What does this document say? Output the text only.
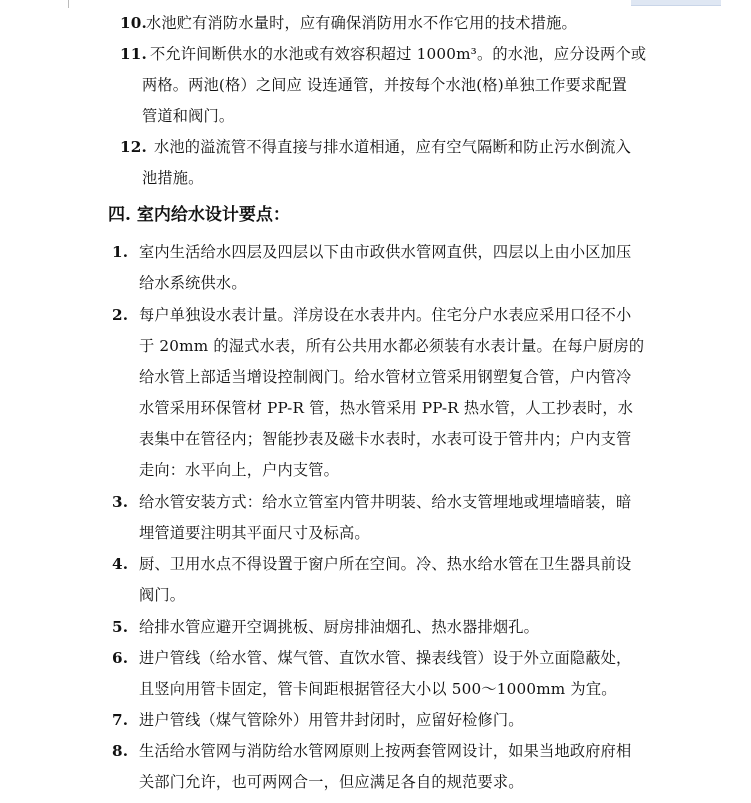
10.
水池贮有消防水量时，应有确保消防用水不作它用的技术措施。
11. 不允许间断供水的水池或有效容积超过 1000m³。的水池，应分设两个或
两格。两池(格）之间应 设连通管，并按每个水池(格)单独工作要求配置
管道和阀门。
12. 水池的溢流管不得直接与排水道相通，应有空气隔断和防止污水倒流入
池措施。
四. 室内给水设计要点：
1. 室内生活给水四层及四层以下由市政供水管网直供，四层以上由小区加压
给水系统供水。
2. 每户单独设水表计量。洋房设在水表井内。住宅分户水表应采用口径不小
于 20mm 的湿式水表，所有公共用水都必须装有水表计量。在每户厨房的
给水管上部适当增设控制阀门。给水管材立管采用钢塑复合管，户内管冷
水管采用环保管材 PP-R 管，热水管采用 PP-R 热水管，人工抄表时，水
表集中在管径内；智能抄表及磁卡水表时，水表可设于管井内；户内支管
走向：水平向上，户内支管。
3. 给水管安装方式：给水立管室内管井明装、给水支管埋地或埋墙暗装，暗
埋管道要注明其平面尺寸及标高。
4. 厨、卫用水点不得设置于窗户所在空间。冷、热水给水管在卫生器具前设
阀门。
5. 给排水管应避开空调挑板、厨房排油烟孔、热水器排烟孔。
6. 进户管线（给水管、煤气管、直饮水管、操表线管）设于外立面隐蔽处，
且竖向用管卡固定，管卡间距根据管径大小以 500～1000mm 为宜。
7. 进户管线（煤气管除外）用管井封闭时，应留好检修门。
8. 生活给水管网与消防给水管网原则上按两套管网设计，如果当地政府府相
关部门允许，也可两网合一，但应满足各自的规范要求。
